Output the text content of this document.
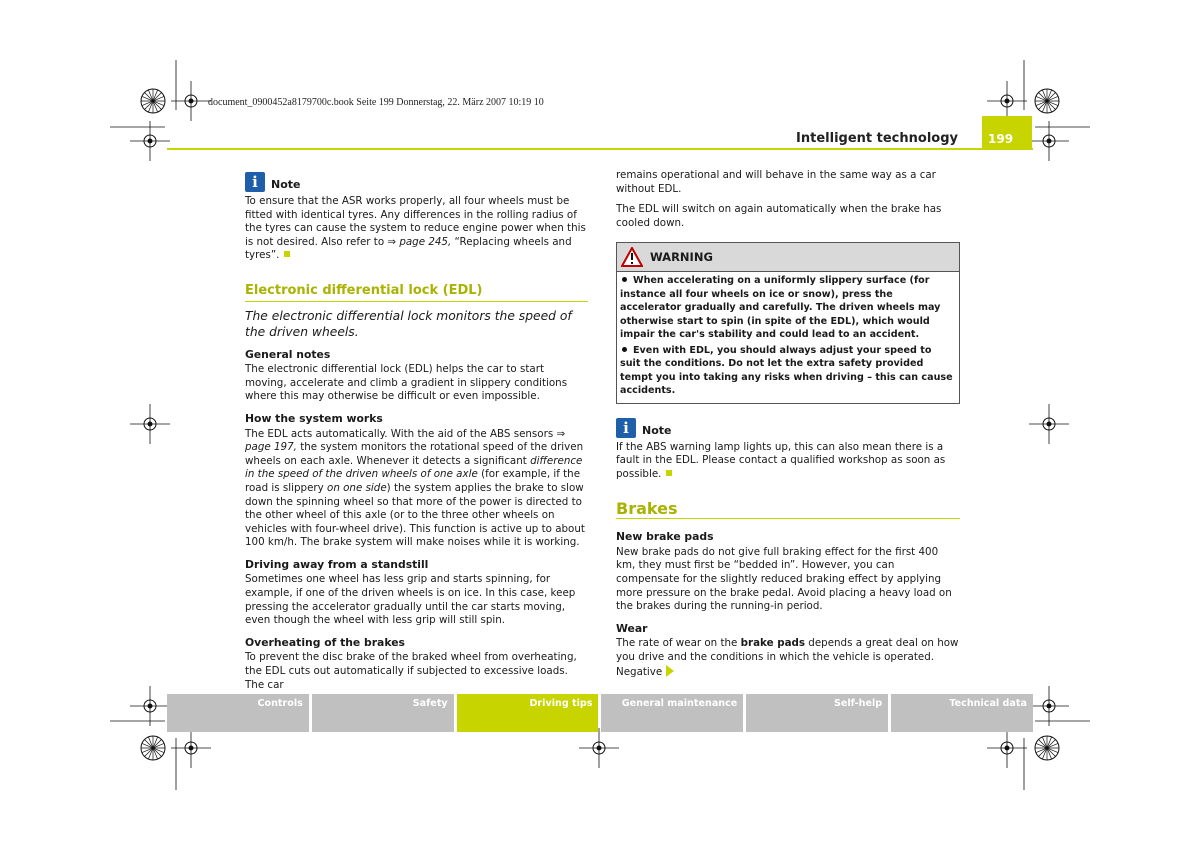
document_0900452a8179700c.book Seite 199 Donnerstag, 22. März 2007 10:19 10
Intelligent technology	199
i	Note

To ensure that the ASR works properly, all four wheels must be fitted with identical tyres. Any differences in the rolling radius of the tyres can cause the system to reduce engine power when this is not desired. Also refer to ⇒ page 245, “Replacing wheels and tyres”.

Electronic differential lock (EDL)
The electronic differential lock monitors the speed of the driven wheels.
General notes

The electronic differential lock (EDL) helps the car to start moving, accelerate and climb a gradient in slippery conditions where this may otherwise be difficult or even impossible.

How the system works

The EDL acts automatically. With the aid of the ABS sensors ⇒ page 197, the system monitors the rotational speed of the driven wheels on each axle. Whenever it detects a significant difference in the speed of the driven wheels of one axle (for example, if the road is slippery on one side) the system applies the brake to slow down the spinning wheel so that more of the power is directed to the other wheel of this axle (or to the three other wheels on vehicles with four-wheel drive). This function is active up to about 100 km/h. The brake system will make noises while it is working.

Driving away from a standstill

Sometimes one wheel has less grip and starts spinning, for example, if one of the driven wheels is on ice. In this case, keep pressing the accelerator gradually until the car starts moving, even though the wheel with less grip will still spin.

Overheating of the brakes

To prevent the disc brake of the braked wheel from overheating, the EDL cuts out automatically if subjected to excessive loads. The car

remains operational and will behave in the same way as a car without EDL.

The EDL will switch on again automatically when the brake has cooled down.

WARNING

When accelerating on a uniformly slippery surface (for instance all four wheels on ice or snow), press the accelerator gradually and carefully. The driven wheels may otherwise start to spin (in spite of the EDL), which would impair the car's stability and could lead to an accident.

Even with EDL, you should always adjust your speed to suit the conditions. Do not let the extra safety provided tempt you into taking any risks when driving – this can cause accidents.

i	Note

If the ABS warning lamp lights up, this can also mean there is a fault in the EDL. Please contact a qualified workshop as soon as possible.

Brakes
New brake pads

New brake pads do not give full braking effect for the first 400 km, they must first be “bedded in”. However, you can compensate for the slightly reduced braking effect by applying more pressure on the brake pedal. Avoid placing a heavy load on the brakes during the running-in period.

Wear

The rate of wear on the brake pads depends a great deal on how you drive and the conditions in which the vehicle is operated. Negative

Controls	Safety	Driving tips	General maintenance	Self-help	Technical data
